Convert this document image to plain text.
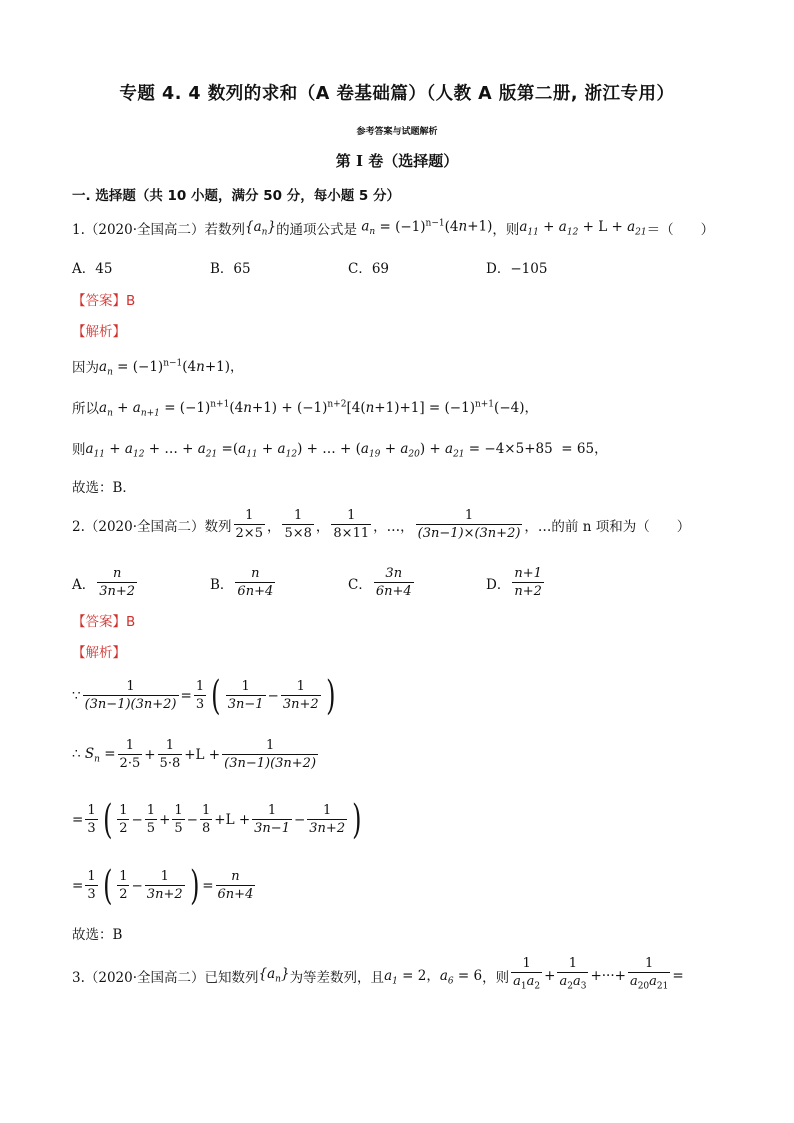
专题 4. 4 数列的求和（A 卷基础篇）（人教 A 版第二册, 浙江专用）
参考答案与试题解析
第 I 卷（选择题）
一. 选择题（共 10 小题，满分 50 分，每小题 5 分）
1.（2020·全国高二）若数列 $\{a_n\}$ 的通项公式是 $a_n = (-1)^{n-1}(4n+1)$ ，则 $a_{11} + a_{12} + L + a_{21}$ ＝（　　）
A．45	B．65	C．69	D．−105
【答案】B
【解析】
因为 $a_n = (-1)^{n-1}(4n+1)$，
所以 $a_n + a_{n+1} = (-1)^{n+1}(4n+1) + (-1)^{n+2}[4(n+1)+1] = (-1)^{n+1}(-4)$，
则 $a_{11} + a_{12}$ + … + $a_{21} =(a_{11} + a_{12})$ + … + $(a_{19} + a_{20}) + a_{21} = -4\times 5+85 = 65$，
故选：B．
2.（2020·全国高二）数列 $\frac{1}{2\times 5}$ ， $\frac{1}{5\times 8}$ ， $\frac{1}{8\times 11}$ ，…， $\frac{1}{(3n-1)\times(3n+2)}$ ，…的前 n 项和为（　　）
A． $\frac{n}{3n+2}$	B． $\frac{n}{6n+4}$	C． $\frac{3n}{6n+4}$	D． $\frac{n+1}{n+2}$
【答案】B
【解析】
∵ $\frac{1}{(3n-1)(3n+2)} = \frac{1}{3}$ ( $\frac{1}{3n-1} - \frac{1}{3n+2}$ )
∴ $S_n = \frac{1}{2\cdot 5} + \frac{1}{5\cdot 8} +L + \frac{1}{(3n-1)(3n+2)}$
= $\frac{1}{3}$ ( $\frac{1}{2} - \frac{1}{5} + \frac{1}{5} - \frac{1}{8} +L + \frac{1}{3n-1} - \frac{1}{3n+2}$ )
= $\frac{1}{3}$ ( $\frac{1}{2} - \frac{1}{3n+2}$ ) = $\frac{n}{6n+4}$
故选：B
3.（2020·全国高二）已知数列 $\{a_n\}$ 为等差数列，且 $a_1 = 2$，$a_6 = 6$ ，则 $\frac{1}{a_1a_2} + \frac{1}{a_2a_3}$ +···+ $\frac{1}{a_{20}a_{21}}$ =
